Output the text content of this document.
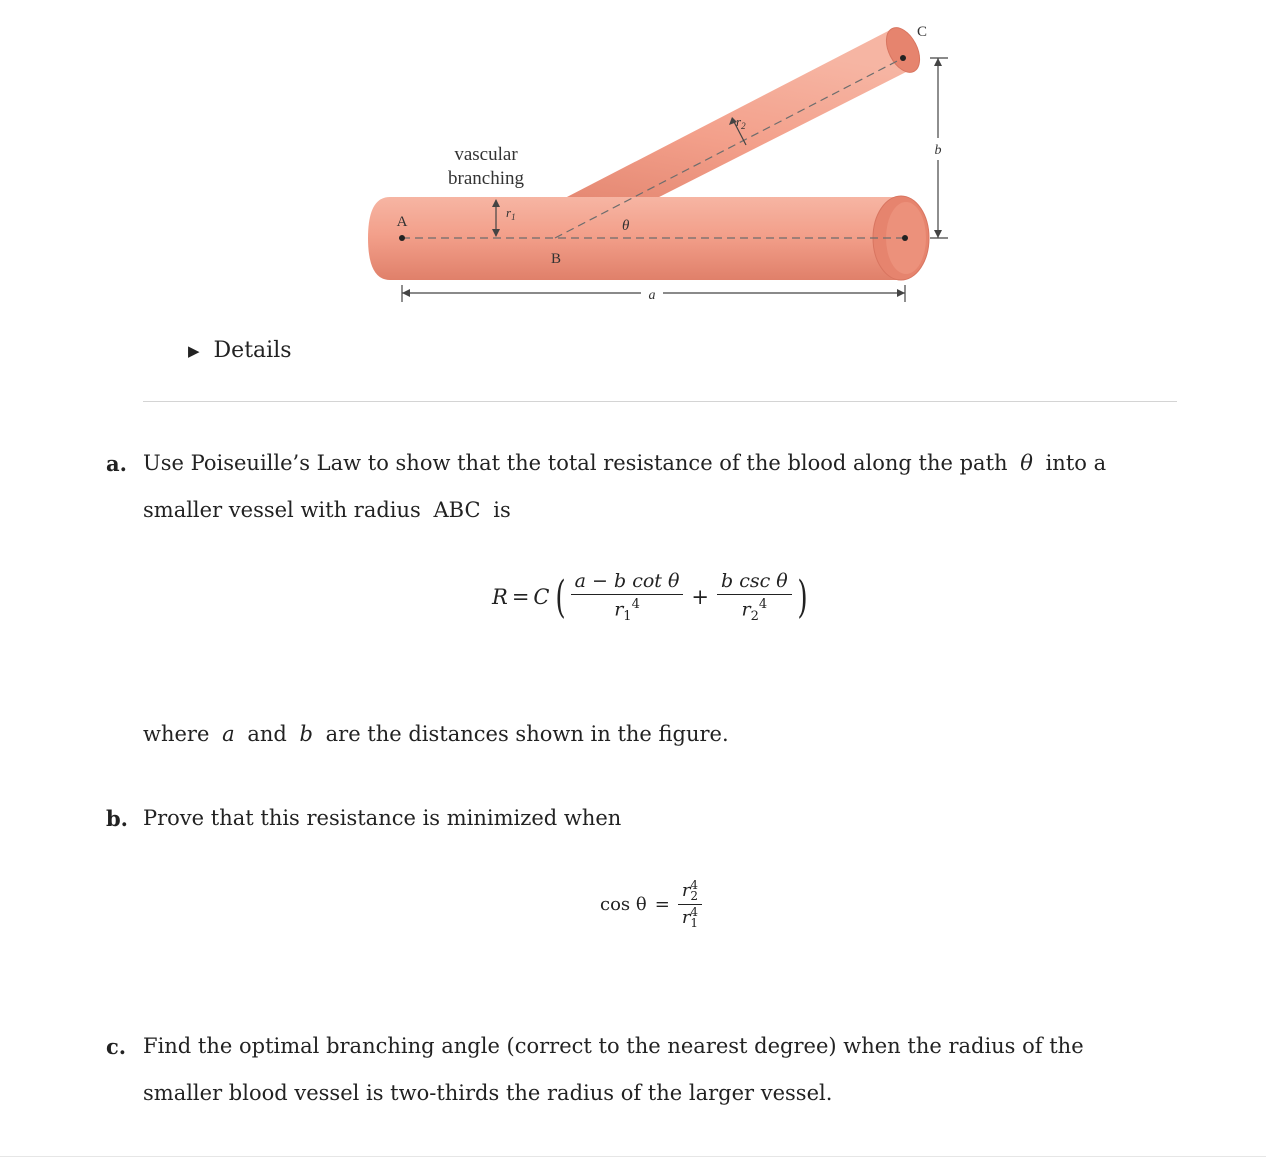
vascular
branching
A
B
C
$r_1$
$r_2$
θ
a
b
▶ Details
a. Use Poiseuille’s Law to show that the total resistance of the blood along the path θ into a smaller vessel with radius ABC is
R = C ( $\frac{\text{a − b cot θ}}{r_1^4} + \frac{\text{b csc θ}}{r_2^4}$ )
where a and b are the distances shown in the figure.
b. Prove that this resistance is minimized when
cos θ = r 4
2
r 4
1
c. Find the optimal branching angle (correct to the nearest degree) when the radius of the smaller blood vessel is two-thirds the radius of the larger vessel.
